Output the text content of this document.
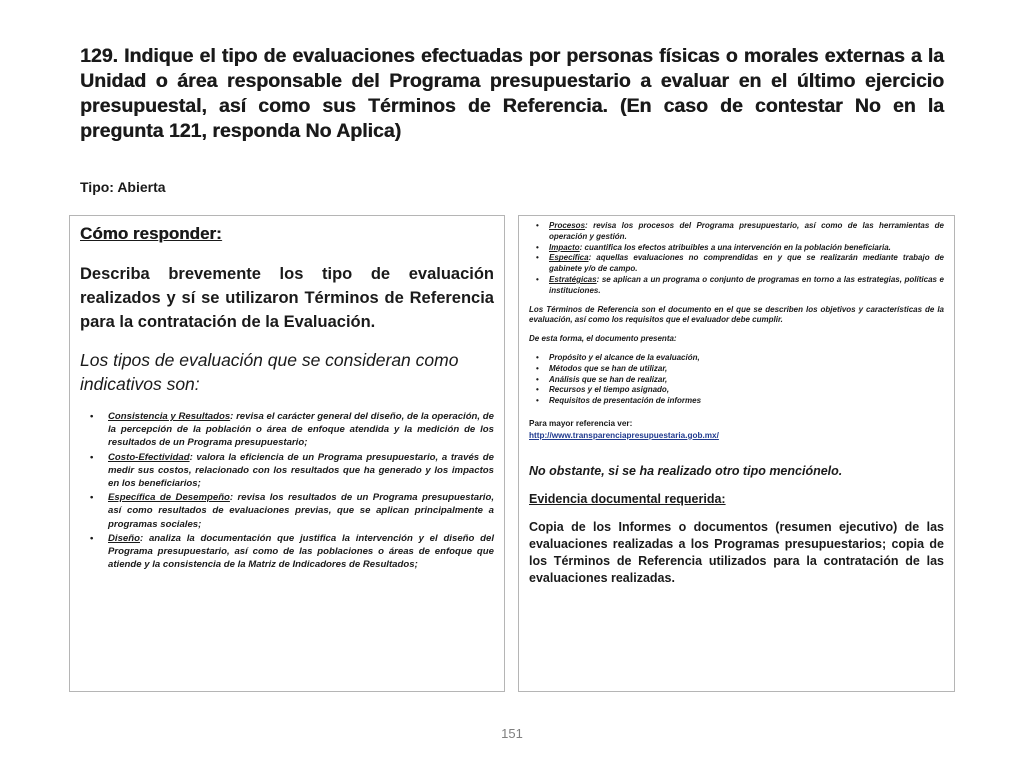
129. Indique el tipo de evaluaciones efectuadas por personas físicas o morales externas a la Unidad o área responsable del Programa presupuestario a evaluar en el último ejercicio presupuestal, así como sus Términos de Referencia. (En caso de contestar No en la pregunta 121, responda No Aplica)

Tipo: Abierta

Cómo responder:

Describa brevemente los tipo de evaluación realizados y sí se utilizaron Términos de Referencia para la contratación de la Evaluación.

Los tipos de evaluación que se consideran como indicativos son:

• Consistencia y Resultados: revisa el carácter general del diseño, de la operación, de la percepción de la población o área de enfoque atendida y la medición de los resultados de un Programa presupuestario;
• Costo-Efectividad: valora la eficiencia de un Programa presupuestario, a través de medir sus costos, relacionado con los resultados que ha generado y los impactos en los beneficiarios;
• Específica de Desempeño: revisa los resultados de un Programa presupuestario, así como resultados de evaluaciones previas, que se aplican principalmente a programas sociales;
• Diseño: analiza la documentación que justifica la intervención y el diseño del Programa presupuestario, así como de las poblaciones o áreas de enfoque que atiende y la consistencia de la Matriz de Indicadores de Resultados;
• Procesos: revisa los procesos del Programa presupuestario, así como de las herramientas de operación y gestión.
• Impacto: cuantifica los efectos atribuibles a una intervención en la población beneficiaria.
• Específica: aquellas evaluaciones no comprendidas en y que se realizarán mediante trabajo de gabinete y/o de campo.
• Estratégicas: se aplican a un programa o conjunto de programas en torno a las estrategias, políticas e instituciones.

Los Términos de Referencia son el documento en el que se describen los objetivos y características de la evaluación, así como los requisitos que el evaluador debe cumplir.

De esta forma, el documento presenta:

• Propósito y el alcance de la evaluación,
• Métodos que se han de utilizar,
• Análisis que se han de realizar,
• Recursos y el tiempo asignado,
• Requisitos de presentación de informes

Para mayor referencia ver:

http://www.transparenciapresupuestaria.gob.mx/

No obstante, si se ha realizado otro tipo menciónelo.

Evidencia documental requerida:

Copia de los Informes o documentos (resumen ejecutivo) de las evaluaciones realizadas a los Programas presupuestarios; copia de los Términos de Referencia utilizados para la contratación de las evaluaciones realizadas.

151
